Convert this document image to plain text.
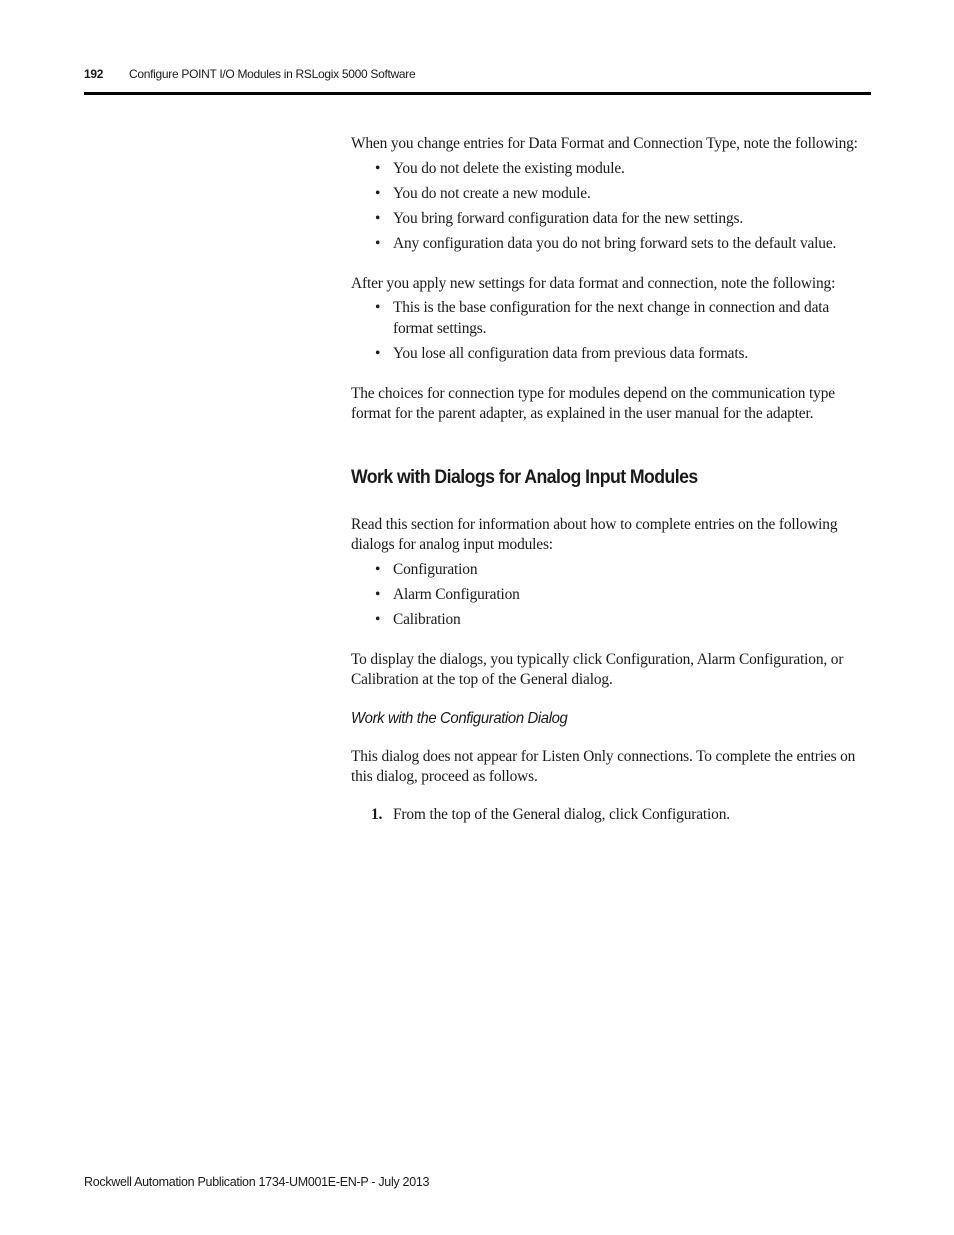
192 Configure POINT I/O Modules in RSLogix 5000 Software

When you change entries for Data Format and Connection Type, note the following:

• You do not delete the existing module.
• You do not create a new module.
• You bring forward configuration data for the new settings.
• Any configuration data you do not bring forward sets to the default value.

After you apply new settings for data format and connection, note the following:

• This is the base configuration for the next change in connection and data format settings.
• You lose all configuration data from previous data formats.

The choices for connection type for modules depend on the communication type format for the parent adapter, as explained in the user manual for the adapter.

Work with Dialogs for Analog Input Modules

Read this section for information about how to complete entries on the following dialogs for analog input modules:

• Configuration
• Alarm Configuration
• Calibration

To display the dialogs, you typically click Configuration, Alarm Configuration, or Calibration at the top of the General dialog.

Work with the Configuration Dialog

This dialog does not appear for Listen Only connections. To complete the entries on this dialog, proceed as follows.

1. From the top of the General dialog, click Configuration.
Rockwell Automation Publication 1734-UM001E-EN-P - July 2013
